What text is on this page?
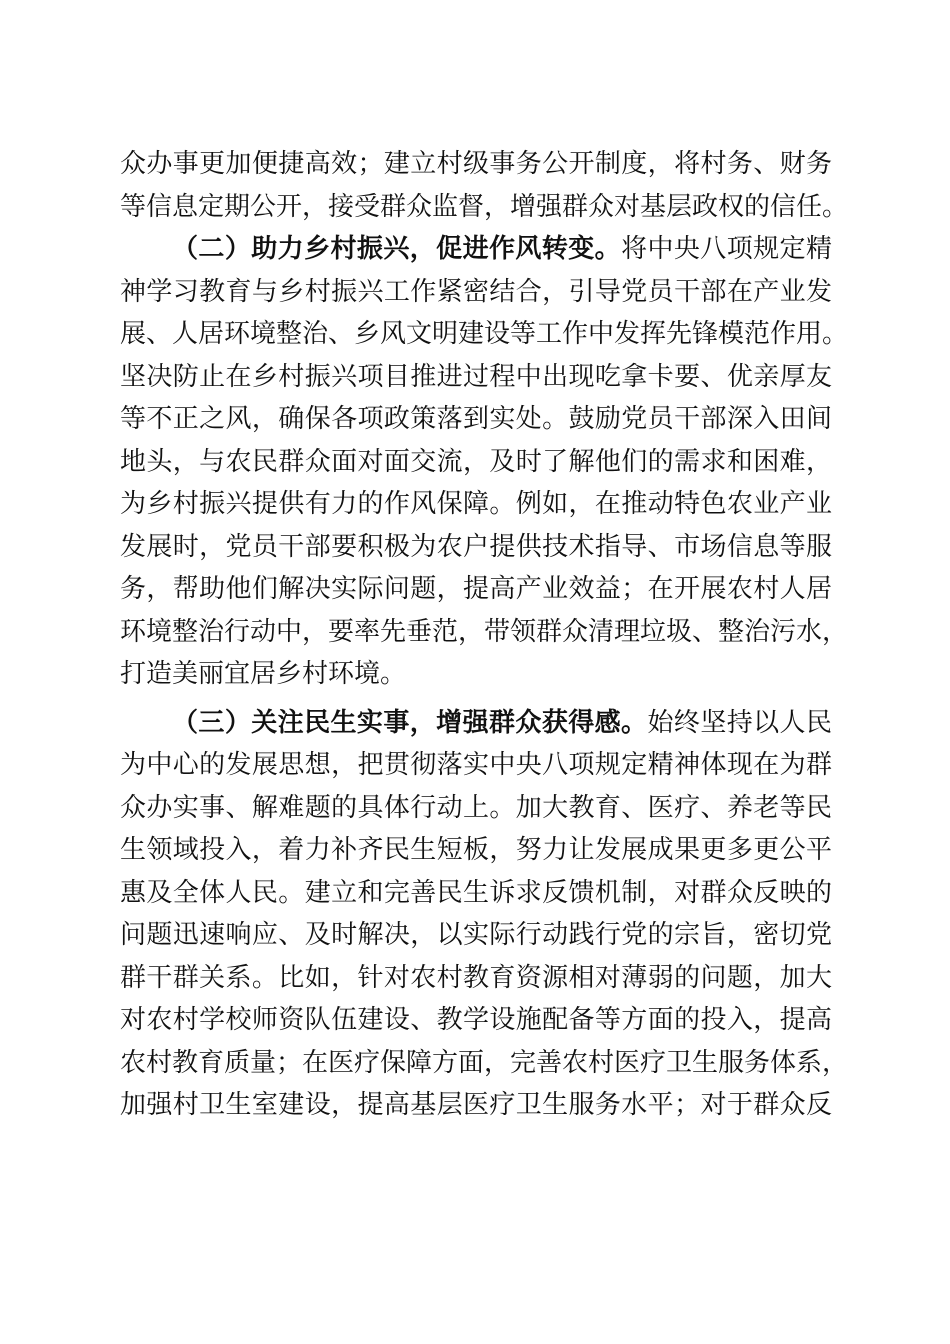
众办事更加便捷高效；建立村级事务公开制度，将村务、财务
等信息定期公开，接受群众监督，增强群众对基层政权的信任。
（二）助力乡村振兴，促进作风转变。将中央八项规定精
神学习教育与乡村振兴工作紧密结合，引导党员干部在产业发
展、人居环境整治、乡风文明建设等工作中发挥先锋模范作用。
坚决防止在乡村振兴项目推进过程中出现吃拿卡要、优亲厚友
等不正之风，确保各项政策落到实处。鼓励党员干部深入田间
地头，与农民群众面对面交流，及时了解他们的需求和困难，
为乡村振兴提供有力的作风保障。例如，在推动特色农业产业
发展时，党员干部要积极为农户提供技术指导、市场信息等服
务，帮助他们解决实际问题，提高产业效益；在开展农村人居
环境整治行动中，要率先垂范，带领群众清理垃圾、整治污水，
打造美丽宜居乡村环境。
（三）关注民生实事，增强群众获得感。始终坚持以人民
为中心的发展思想，把贯彻落实中央八项规定精神体现在为群
众办实事、解难题的具体行动上。加大教育、医疗、养老等民
生领域投入，着力补齐民生短板，努力让发展成果更多更公平
惠及全体人民。建立和完善民生诉求反馈机制，对群众反映的
问题迅速响应、及时解决，以实际行动践行党的宗旨，密切党
群干群关系。比如，针对农村教育资源相对薄弱的问题，加大
对农村学校师资队伍建设、教学设施配备等方面的投入，提高
农村教育质量；在医疗保障方面，完善农村医疗卫生服务体系，
加强村卫生室建设，提高基层医疗卫生服务水平；对于群众反
